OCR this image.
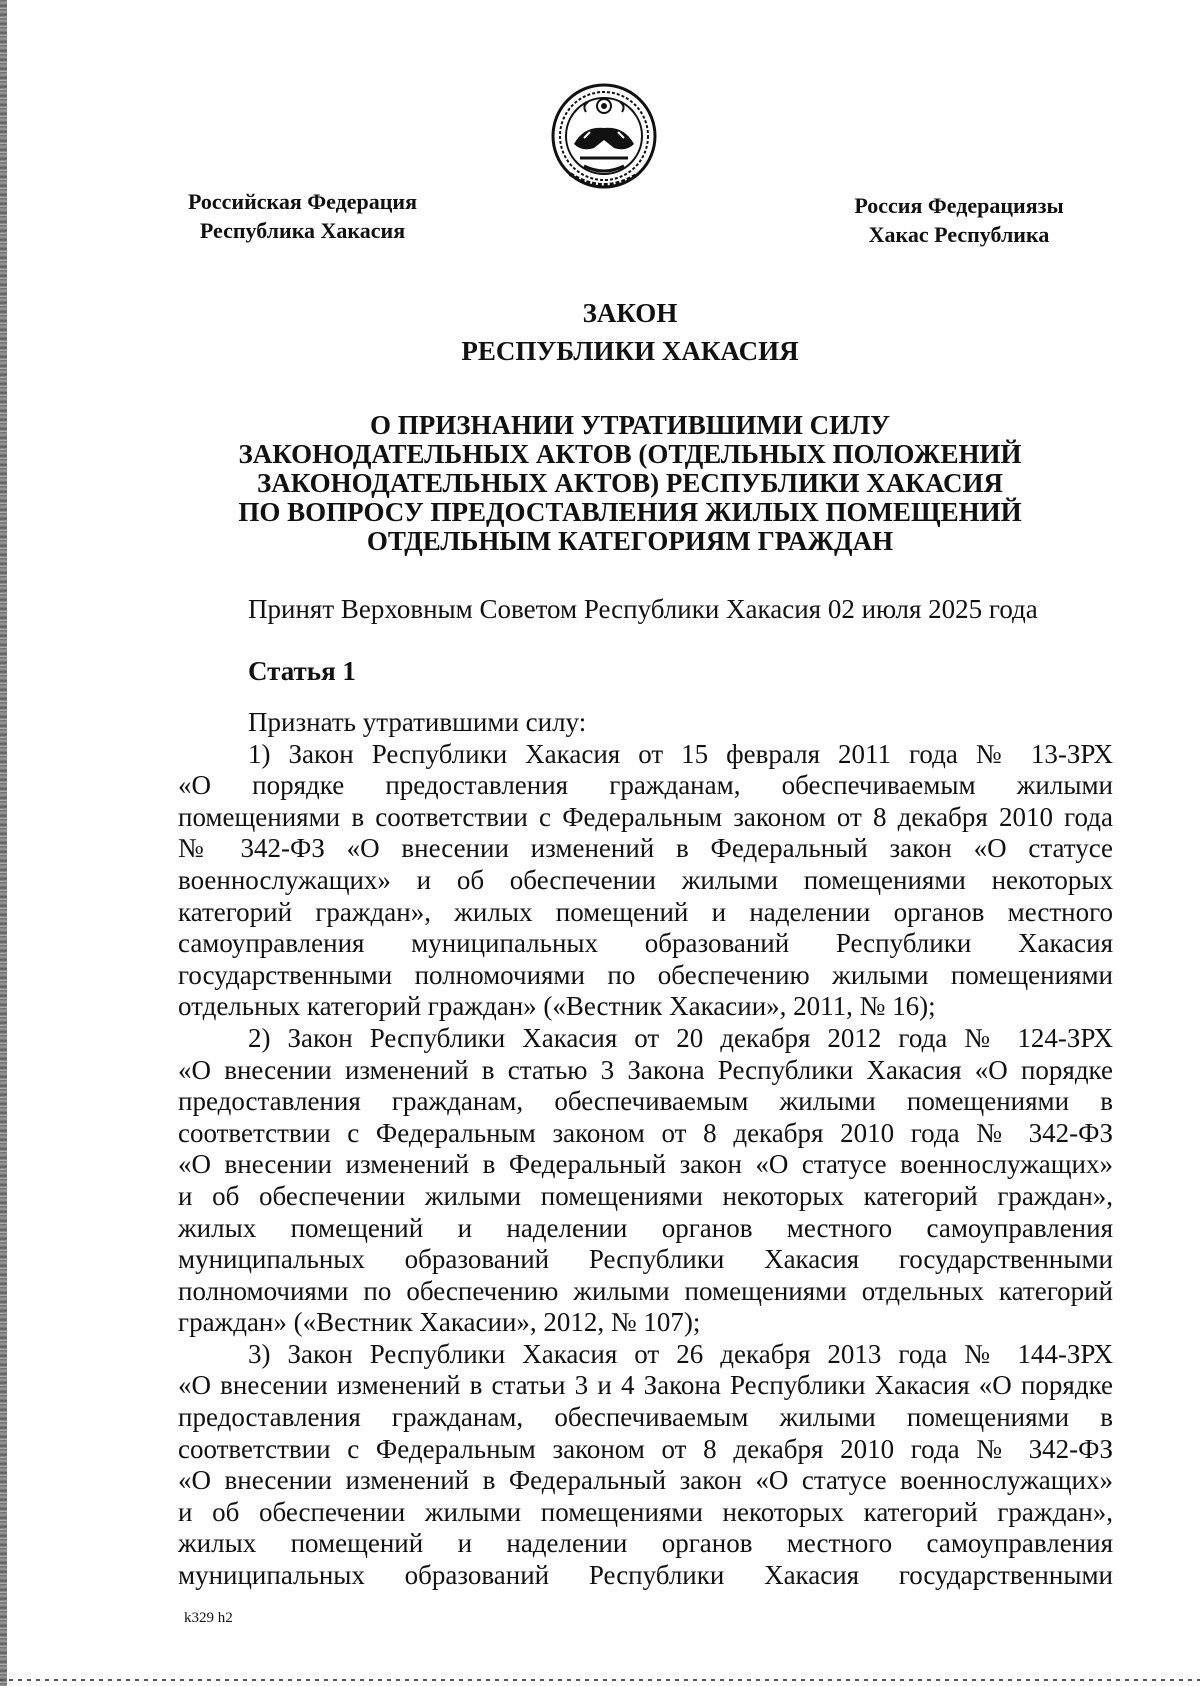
Российская Федерация
Республика Хакасия
Россия Федерациязы
Хакас Республика
ЗАКОН
РЕСПУБЛИКИ ХАКАСИЯ
О ПРИЗНАНИИ УТРАТИВШИМИ СИЛУ
ЗАКОНОДАТЕЛЬНЫХ АКТОВ (ОТДЕЛЬНЫХ ПОЛОЖЕНИЙ
ЗАКОНОДАТЕЛЬНЫХ АКТОВ) РЕСПУБЛИКИ ХАКАСИЯ
ПО ВОПРОСУ ПРЕДОСТАВЛЕНИЯ ЖИЛЫХ ПОМЕЩЕНИЙ
ОТДЕЛЬНЫМ КАТЕГОРИЯМ ГРАЖДАН
Принят Верховным Советом Республики Хакасия 02 июля 2025 года
Статья 1
Признать утратившими силу:
1) Закон Республики Хакасия от 15 февраля 2011 года № 13-ЗРХ
«О порядке предоставления гражданам, обеспечиваемым жилыми
помещениями в соответствии с Федеральным законом от 8 декабря 2010 года
№ 342-ФЗ «О внесении изменений в Федеральный закон «О статусе
военнослужащих» и об обеспечении жилыми помещениями некоторых
категорий граждан», жилых помещений и наделении органов местного
самоуправления муниципальных образований Республики Хакасия
государственными полномочиями по обеспечению жилыми помещениями
отдельных категорий граждан» («Вестник Хакасии», 2011, № 16);
2) Закон Республики Хакасия от 20 декабря 2012 года № 124-ЗРХ
«О внесении изменений в статью 3 Закона Республики Хакасия «О порядке
предоставления гражданам, обеспечиваемым жилыми помещениями в
соответствии с Федеральным законом от 8 декабря 2010 года № 342-ФЗ
«О внесении изменений в Федеральный закон «О статусе военнослужащих»
и об обеспечении жилыми помещениями некоторых категорий граждан»,
жилых помещений и наделении органов местного самоуправления
муниципальных образований Республики Хакасия государственными
полномочиями по обеспечению жилыми помещениями отдельных категорий
граждан» («Вестник Хакасии», 2012, № 107);
3) Закон Республики Хакасия от 26 декабря 2013 года № 144-ЗРХ
«О внесении изменений в статьи 3 и 4 Закона Республики Хакасия «О порядке
предоставления гражданам, обеспечиваемым жилыми помещениями в
соответствии с Федеральным законом от 8 декабря 2010 года № 342-ФЗ
«О внесении изменений в Федеральный закон «О статусе военнослужащих»
и об обеспечении жилыми помещениями некоторых категорий граждан»,
жилых помещений и наделении органов местного самоуправления
муниципальных образований Республики Хакасия государственными
k329 h2
